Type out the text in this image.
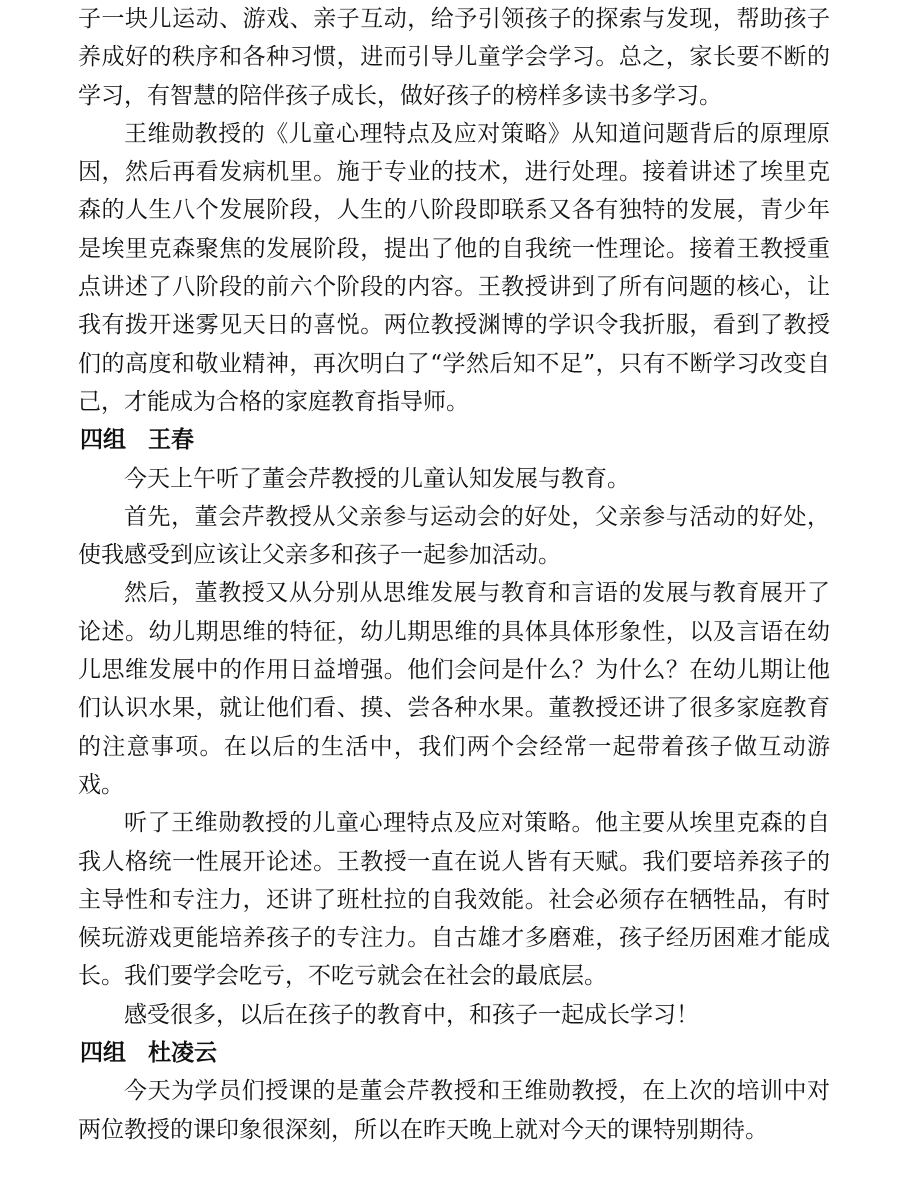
子一块儿运动、游戏、亲子互动，给予引领孩子的探索与发现，帮助孩子养成好的秩序和各种习惯，进而引导儿童学会学习。总之，家长要不断的学习，有智慧的陪伴孩子成长，做好孩子的榜样多读书多学习。

王维勋教授的《儿童心理特点及应对策略》从知道问题背后的原理原因，然后再看发病机里。施于专业的技术，进行处理。接着讲述了埃里克森的人生八个发展阶段，人生的八阶段即联系又各有独特的发展，青少年是埃里克森聚焦的发展阶段，提出了他的自我统一性理论。接着王教授重点讲述了八阶段的前六个阶段的内容。王教授讲到了所有问题的核心，让我有拨开迷雾见天日的喜悦。两位教授渊博的学识令我折服，看到了教授们的高度和敬业精神，再次明白了“学然后知不足”，只有不断学习改变自己，才能成为合格的家庭教育指导师。

四组 王春

今天上午听了董会芹教授的儿童认知发展与教育。

首先，董会芹教授从父亲参与运动会的好处，父亲参与活动的好处，使我感受到应该让父亲多和孩子一起参加活动。

然后，董教授又从分别从思维发展与教育和言语的发展与教育展开了论述。幼儿期思维的特征，幼儿期思维的具体具体形象性，以及言语在幼儿思维发展中的作用日益增强。他们会问是什么？为什么？在幼儿期让他们认识水果，就让他们看、摸、尝各种水果。董教授还讲了很多家庭教育的注意事项。在以后的生活中，我们两个会经常一起带着孩子做互动游戏。

听了王维勋教授的儿童心理特点及应对策略。他主要从埃里克森的自我人格统一性展开论述。王教授一直在说人皆有天赋。我们要培养孩子的主导性和专注力，还讲了班杜拉的自我效能。社会必须存在牺牲品，有时候玩游戏更能培养孩子的专注力。自古雄才多磨难，孩子经历困难才能成长。我们要学会吃亏，不吃亏就会在社会的最底层。

感受很多，以后在孩子的教育中，和孩子一起成长学习！

四组 杜凌云

今天为学员们授课的是董会芹教授和王维勋教授，在上次的培训中对两位教授的课印象很深刻，所以在昨天晚上就对今天的课特别期待。
